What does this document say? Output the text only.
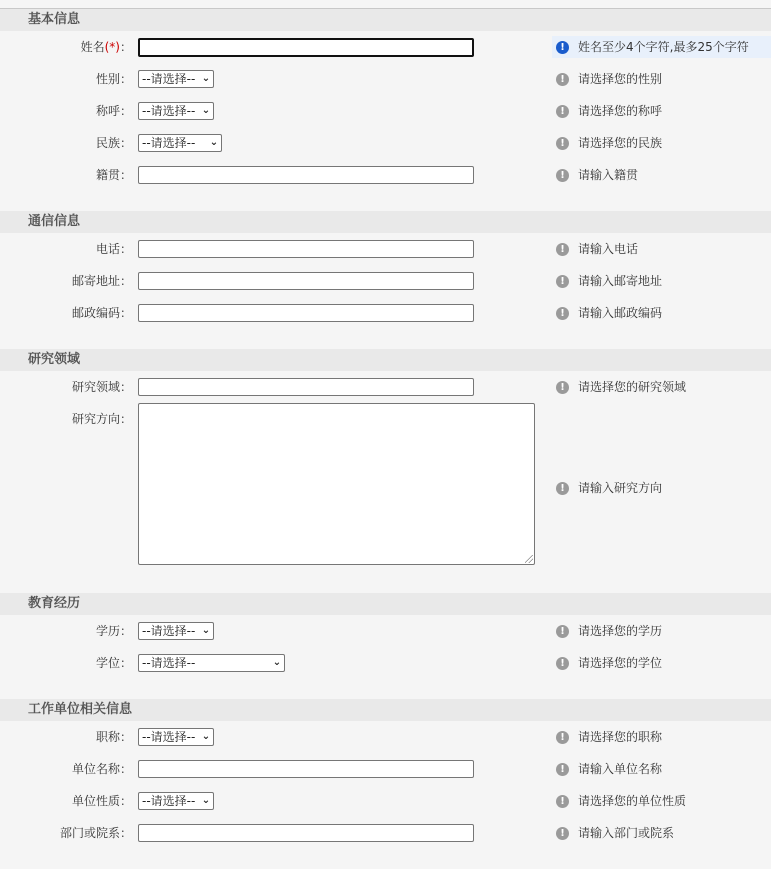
基本信息
姓名(*)：	!	姓名至少4个字符,最多25个字符
性别： --请选择-- ⌄	!	请选择您的性别
称呼： --请选择-- ⌄	!	请选择您的称呼
民族： --请选择-- ⌄	!	请选择您的民族
籍贯：	!	请输入籍贯
通信信息
电话：	!	请输入电话
邮寄地址：	!	请输入邮寄地址
邮政编码：	!	请输入邮政编码
研究领域
研究领域：	!	请选择您的研究领域
研究方向：
!	请输入研究方向
教育经历
学历： --请选择-- ⌄	!	请选择您的学历
学位： --请选择--	⌄	!	请选择您的学位
工作单位相关信息
职称： --请选择-- ⌄	!	请选择您的职称
单位名称：	!	请输入单位名称
单位性质： --请选择-- ⌄	!	请选择您的单位性质
部门或院系：	!	请输入部门或院系
